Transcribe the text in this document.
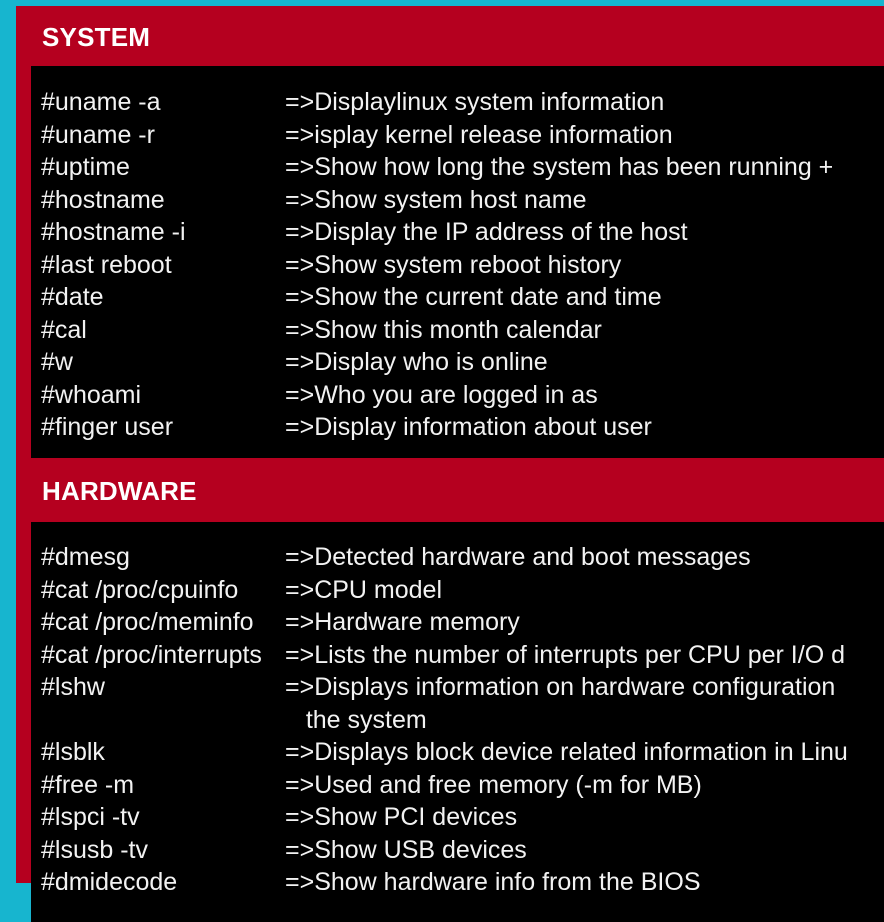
SYSTEM
#uname -a	=>Displaylinux system information
#uname -r	=>isplay kernel release information
#uptime	=>Show how long the system has been running +
#hostname	=>Show system host name
#hostname -i	=>Display the IP address of the host
#last reboot	=>Show system reboot history
#date	=>Show the current date and time
#cal	=>Show this month calendar
#w	=>Display who is online
#whoami	=>Who you are logged in as
#finger user	=>Display information about user
HARDWARE
#dmesg	=>Detected hardware and boot messages
#cat /proc/cpuinfo =>CPU model
#cat /proc/meminfo =>Hardware memory
#cat /proc/interrupts =>Lists the number of interrupts per CPU per I/O d
#lshw	=>Displays information on hardware configuration
the system
#lsblk	=>Displays block device related information in Linu
#free -m	=>Used and free memory (-m for MB)
#lspci -tv	=>Show PCI devices
#lsusb -tv	=>Show USB devices
#dmidecode	=>Show hardware info from the BIOS
